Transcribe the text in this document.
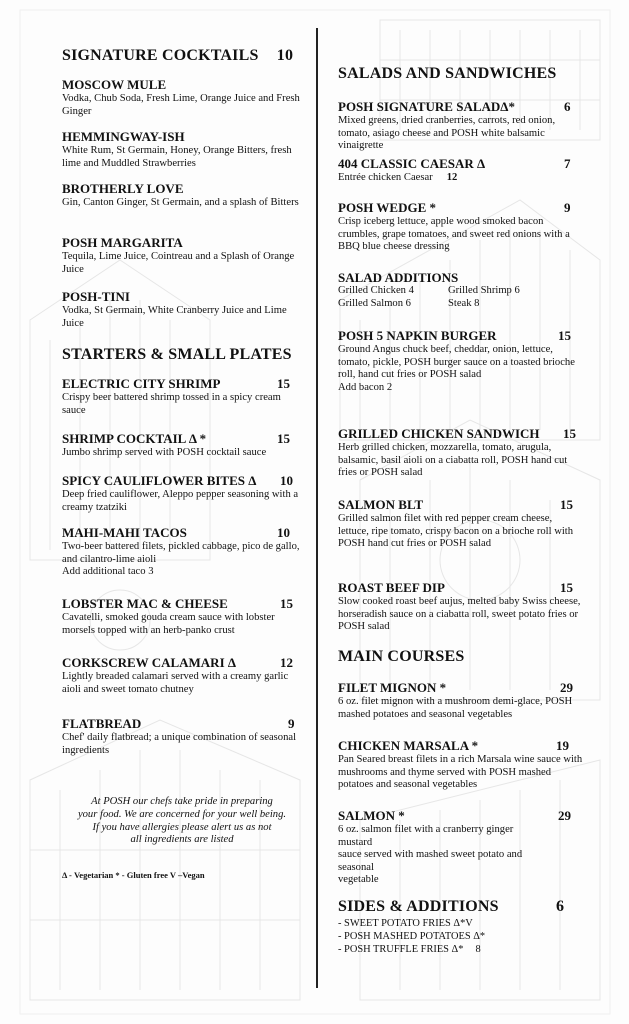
SIGNATURE COCKTAILS 10
MOSCOW MULE
Vodka, Chub Soda, Fresh Lime, Orange Juice and Fresh Ginger
HEMMINGWAY-ISH
White Rum, St Germain, Honey, Orange Bitters, fresh lime and Muddled Strawberries
BROTHERLY LOVE
Gin, Canton Ginger, St Germain, and a splash of Bitters
POSH MARGARITA
Tequila, Lime Juice, Cointreau and a Splash of Orange Juice
POSH-TINI
Vodka, St Germain, White Cranberry Juice and Lime Juice
STARTERS & SMALL PLATES
ELECTRIC CITY SHRIMP	15
Crispy beer battered shrimp tossed in a spicy cream sauce
SHRIMP COCKTAIL Δ *	15
Jumbo shrimp served with POSH cocktail sauce
SPICY CAULIFLOWER BITES Δ 10
Deep fried cauliflower, Aleppo pepper seasoning with a creamy tzatziki
MAHI-MAHI TACOS	10
Two-beer battered filets, pickled cabbage, pico de gallo, and cilantro-lime aioli
Add additional taco 3
LOBSTER MAC & CHEESE	15
Cavatelli, smoked gouda cream sauce with lobster morsels topped with an herb-panko crust
CORKSCREW CALAMARI Δ	12
Lightly breaded calamari served with a creamy garlic aioli and sweet tomato chutney
FLATBREAD	9
Chef' daily flatbread; a unique combination of seasonal ingredients
At POSH our chefs take pride in preparing
your food. We are concerned for your well being.
If you have allergies please alert us as not
all ingredients are listed
Δ - Vegetarian * - Gluten free V –Vegan
SALADS AND SANDWICHES
POSH SIGNATURE SALADΔ*	6
Mixed greens, dried cranberries, carrots, red onion, tomato, asiago cheese and POSH white balsamic vinaigrette
404 CLASSIC CAESAR Δ	7
Entrée chicken Caesar 12
POSH WEDGE *	9
Crisp iceberg lettuce, apple wood smoked bacon crumbles, grape tomatoes, and sweet red onions with a BBQ blue cheese dressing
SALAD ADDITIONS
Grilled Chicken 4	Grilled Shrimp 6
Grilled Salmon 6	Steak 8
POSH 5 NAPKIN BURGER	15
Ground Angus chuck beef, cheddar, onion, lettuce, tomato, pickle, POSH burger sauce on a toasted brioche roll, hand cut fries or POSH salad
Add bacon 2
GRILLED CHICKEN SANDWICH 15
Herb grilled chicken, mozzarella, tomato, arugula, balsamic, basil aioli on a ciabatta roll, POSH hand cut fries or POSH salad
SALMON BLT	15
Grilled salmon filet with red pepper cream cheese, lettuce, ripe tomato, crispy bacon on a brioche roll with POSH hand cut fries or POSH salad
ROAST BEEF DIP	15
Slow cooked roast beef aujus, melted baby Swiss cheese, horseradish sauce on a ciabatta roll, sweet potato fries or POSH salad
MAIN COURSES
FILET MIGNON *	29
6 oz. filet mignon with a mushroom demi-glace, POSH mashed potatoes and seasonal vegetables
CHICKEN MARSALA *	19
Pan Seared breast filets in a rich Marsala wine sauce with mushrooms and thyme served with POSH mashed potatoes and seasonal vegetables
SALMON *	29
6 oz. salmon filet with a cranberry ginger
mustard
sauce served with mashed sweet potato and
seasonal
vegetable
SIDES & ADDITIONS	6
- SWEET POTATO FRIES Δ*V
- POSH MASHED POTATOES Δ*
- POSH TRUFFLE FRIES Δ* 8
